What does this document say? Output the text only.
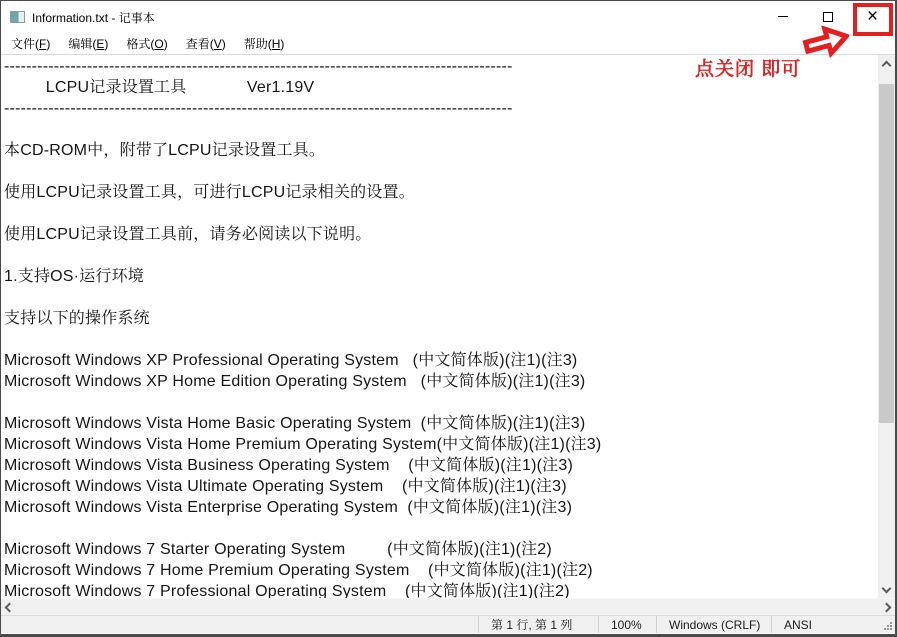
Information.txt - 记事本	×
文件(F)	编辑(E)	格式(O)	查看(V)	帮助(H)
--------------------------------------------------------------------------------------------
LCPU记录设置工具             Ver1.19V
--------------------------------------------------------------------------------------------
本CD-ROM中，附带了LCPU记录设置工具。
使用LCPU记录设置工具，可进行LCPU记录相关的设置。
使用LCPU记录设置工具前，请务必阅读以下说明。
1.支持OS·运行环境
支持以下的操作系统
Microsoft Windows XP Professional Operating System   (中文简体版)(注1)(注3)
Microsoft Windows XP Home Edition Operating System   (中文简体版)(注1)(注3)
Microsoft Windows Vista Home Basic Operating System  (中文简体版)(注1)(注3)
Microsoft Windows Vista Home Premium Operating System(中文简体版)(注1)(注3)
Microsoft Windows Vista Business Operating System    (中文简体版)(注1)(注3)
Microsoft Windows Vista Ultimate Operating System    (中文简体版)(注1)(注3)
Microsoft Windows Vista Enterprise Operating System  (中文简体版)(注1)(注3)
Microsoft Windows 7 Starter Operating System         (中文简体版)(注1)(注2)
Microsoft Windows 7 Home Premium Operating System    (中文简体版)(注1)(注2)
Microsoft Windows 7 Professional Operating System    (中文简体版)(注1)(注2)
第 1 行, 第 1 列	100%	Windows (CRLF)	ANSI
点关闭 即可
